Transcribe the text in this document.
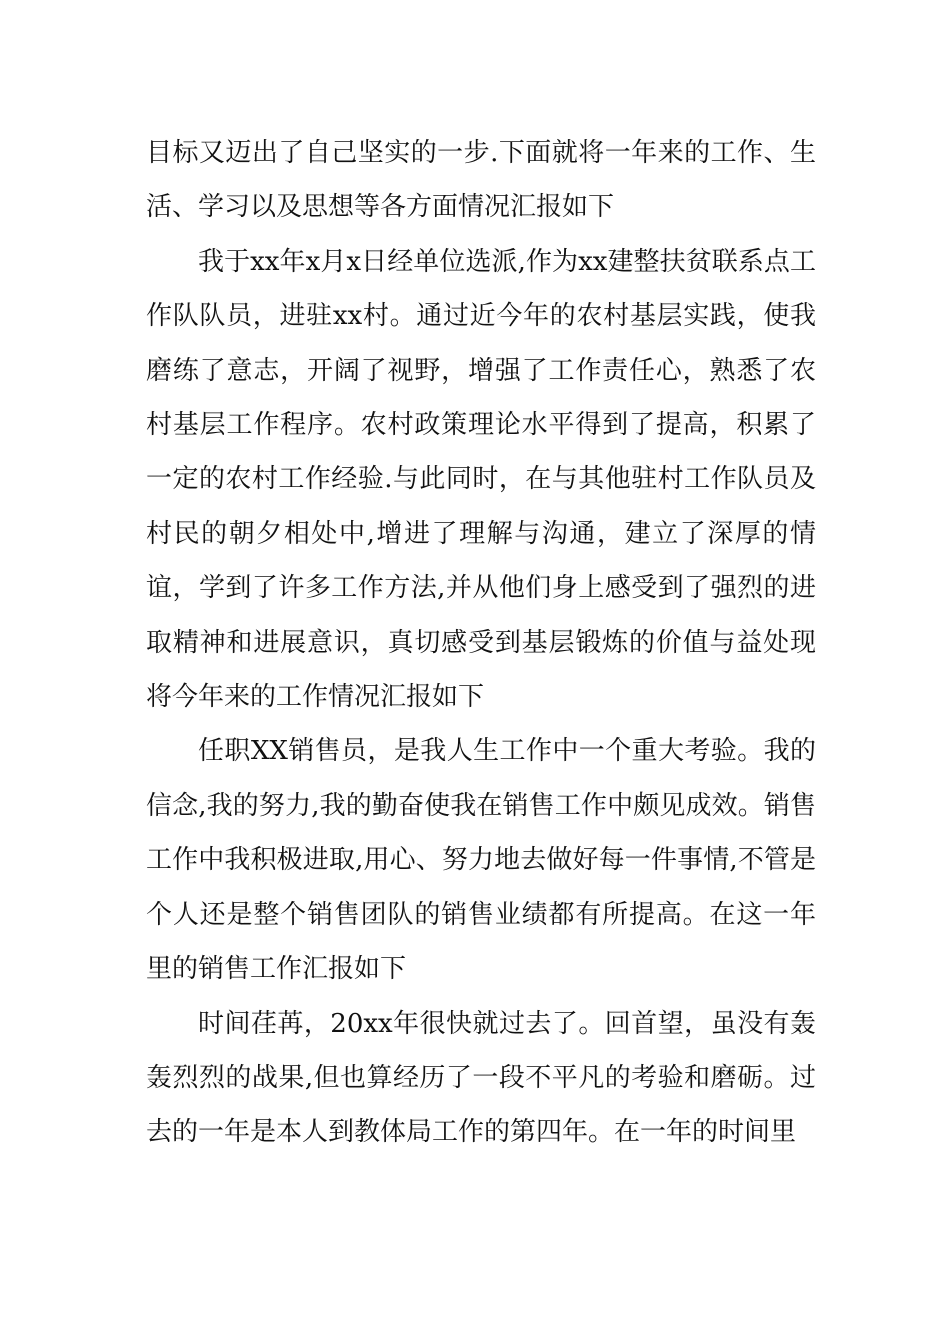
目标又迈出了自己坚实的一步.下面就将一年来的工作、生活、学习以及思想等各方面情况汇报如下

我于xx年x月x日经单位选派,作为xx建整扶贫联系点工作队队员，进驻xx村。通过近今年的农村基层实践，使我磨练了意志，开阔了视野，增强了工作责任心，熟悉了农村基层工作程序。农村政策理论水平得到了提高，积累了一定的农村工作经验.与此同时，在与其他驻村工作队员及村民的朝夕相处中,增进了理解与沟通，建立了深厚的情谊，学到了许多工作方法,并从他们身上感受到了强烈的进取精神和进展意识，真切感受到基层锻炼的价值与益处现将今年来的工作情况汇报如下

任职XX销售员，是我人生工作中一个重大考验。我的信念,我的努力,我的勤奋使我在销售工作中颇见成效。销售工作中我积极进取,用心、努力地去做好每一件事情,不管是个人还是整个销售团队的销售业绩都有所提高。在这一年里的销售工作汇报如下

时间荏苒，20xx年很快就过去了。回首望，虽没有轰轰烈烈的战果,但也算经历了一段不平凡的考验和磨砺。过去的一年是本人到教体局工作的第四年。在一年的时间里
